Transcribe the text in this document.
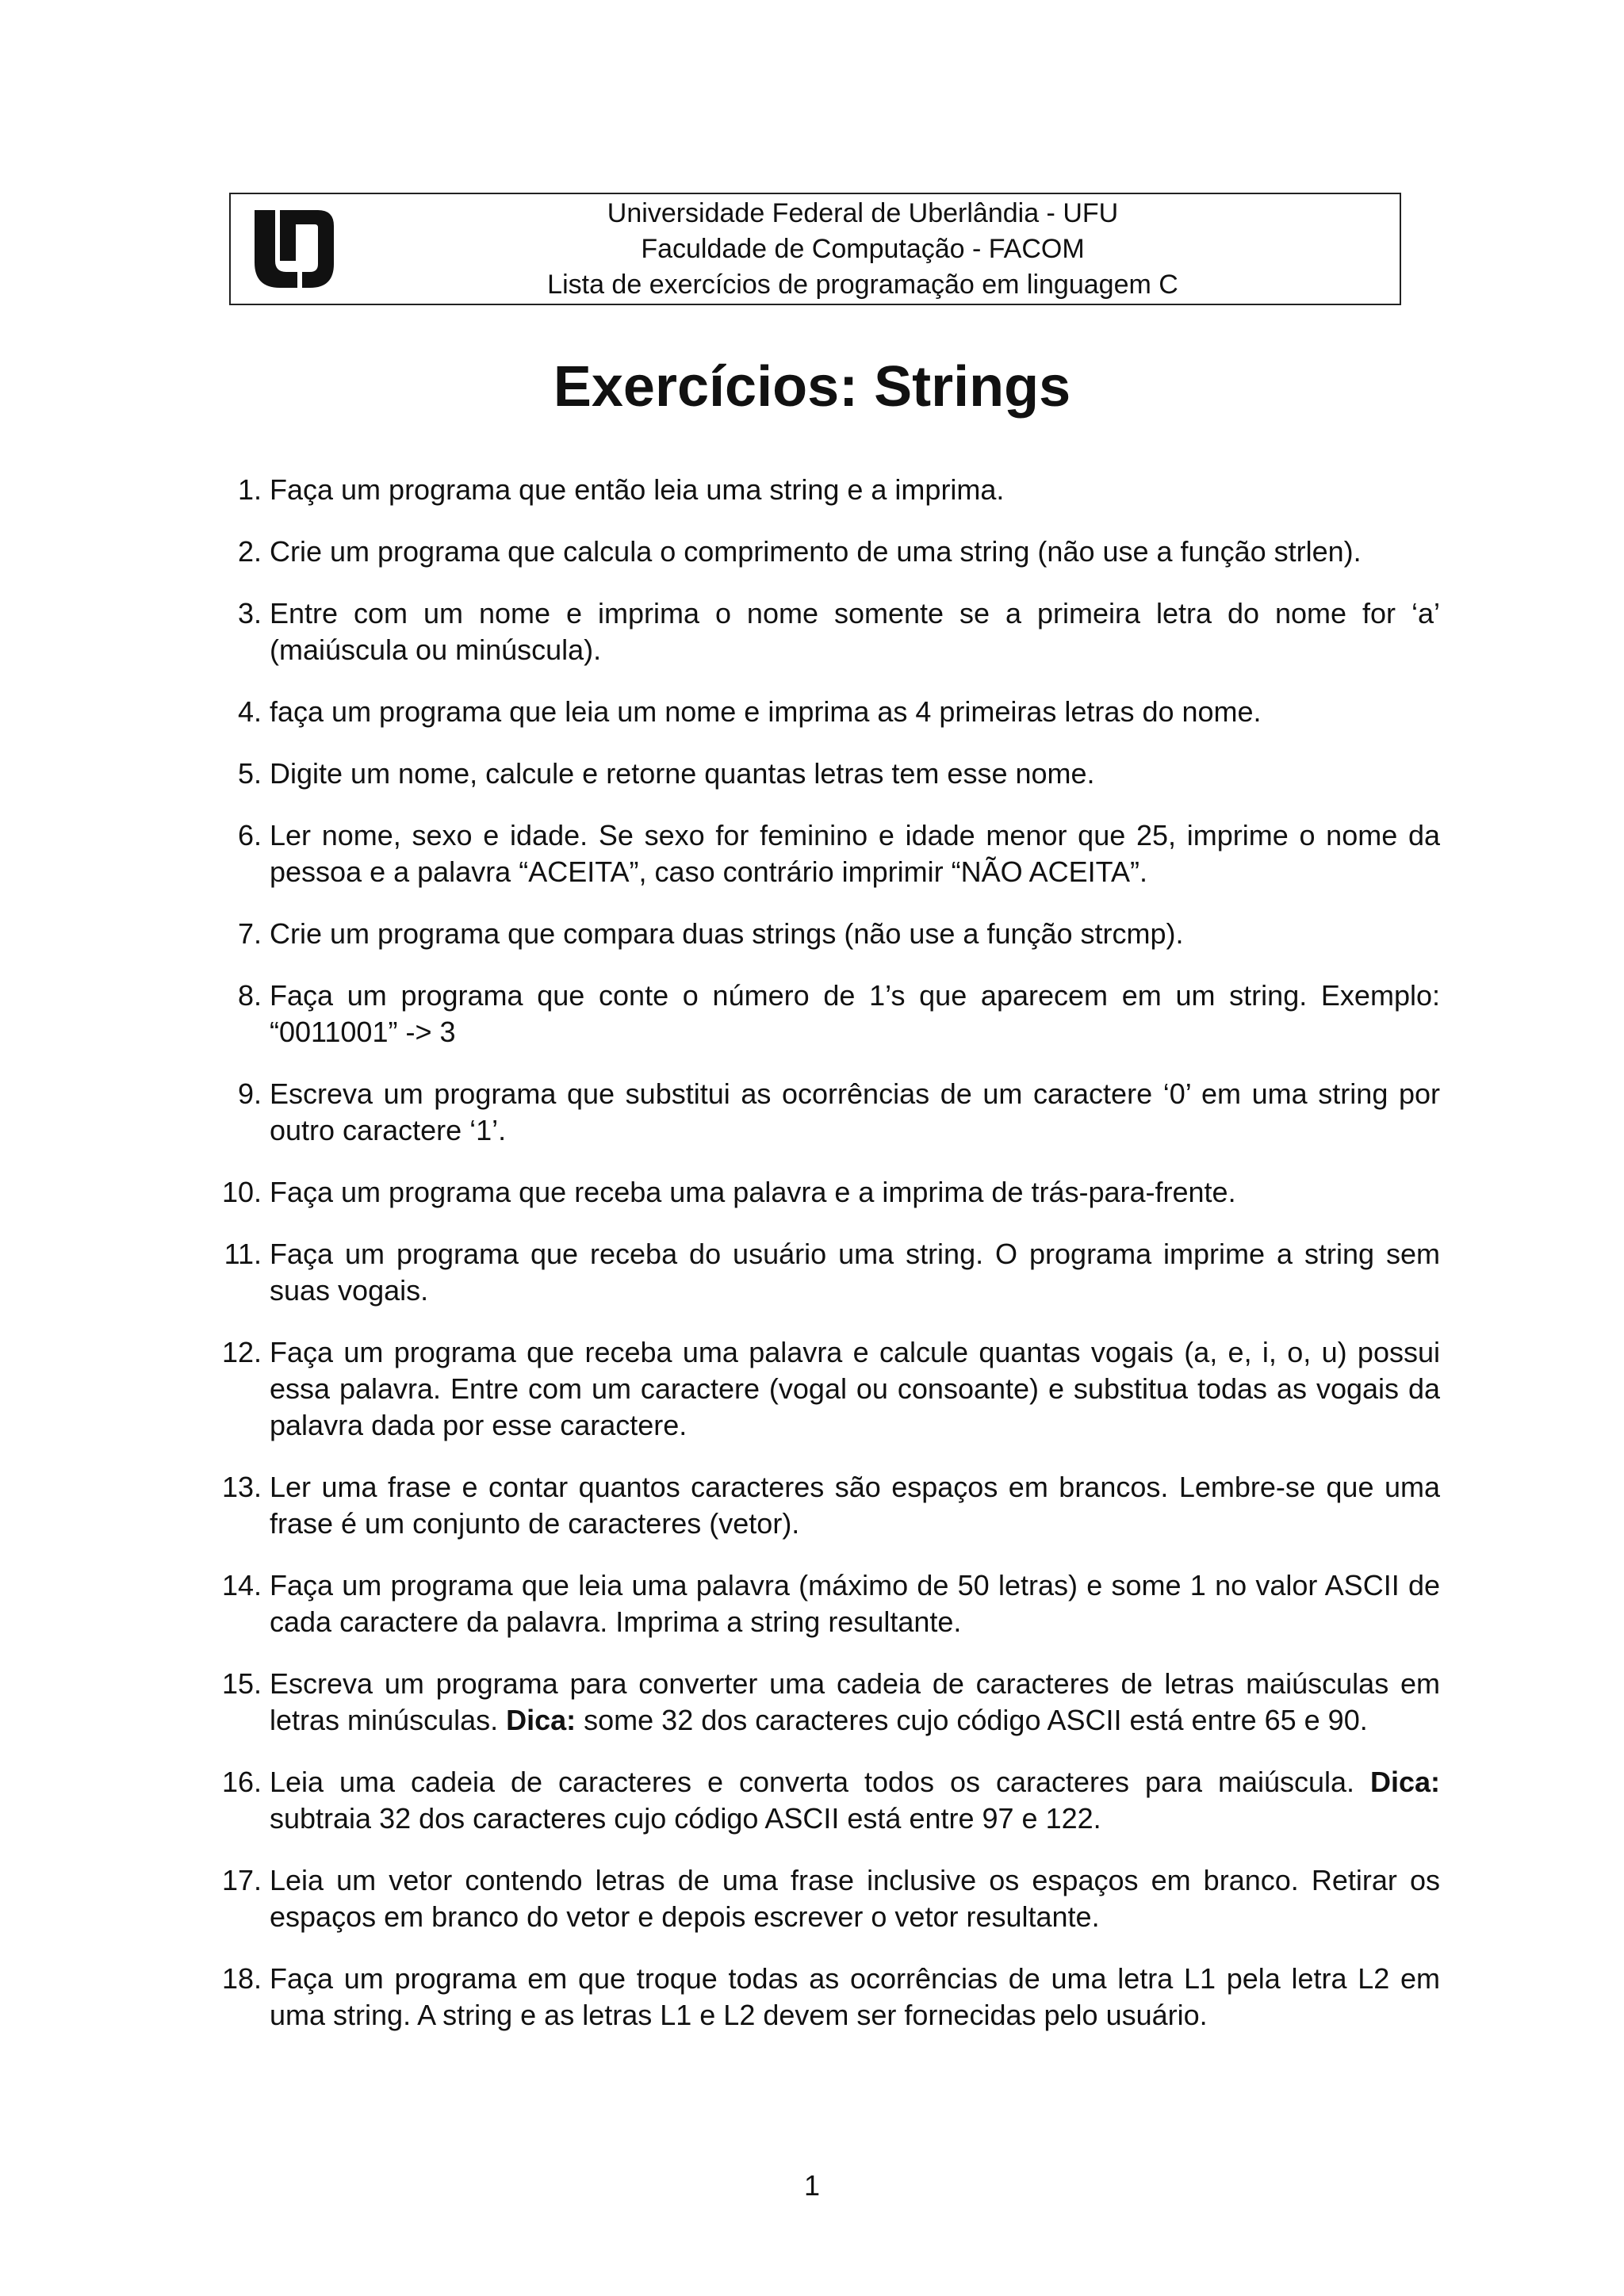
Universidade Federal de Uberlândia - UFU
Faculdade de Computação - FACOM
Lista de exercícios de programação em linguagem C
Exercícios: Strings
1. Faça um programa que então leia uma string e a imprima.
2. Crie um programa que calcula o comprimento de uma string (não use a função strlen).
3. Entre com um nome e imprima o nome somente se a primeira letra do nome for ‘a’ (maiúscula ou minúscula).
4. faça um programa que leia um nome e imprima as 4 primeiras letras do nome.
5. Digite um nome, calcule e retorne quantas letras tem esse nome.
6. Ler nome, sexo e idade. Se sexo for feminino e idade menor que 25, imprime o nome da pessoa e a palavra “ACEITA”, caso contrário imprimir “NÃO ACEITA”.
7. Crie um programa que compara duas strings (não use a função strcmp).
8. Faça um programa que conte o número de 1’s que aparecem em um string. Exemplo: “0011001” -> 3
9. Escreva um programa que substitui as ocorrências de um caractere ‘0’ em uma string por outro caractere ‘1’.
10. Faça um programa que receba uma palavra e a imprima de trás-para-frente.
11. Faça um programa que receba do usuário uma string. O programa imprime a string sem suas vogais.
12. Faça um programa que receba uma palavra e calcule quantas vogais (a, e, i, o, u) possui essa palavra. Entre com um caractere (vogal ou consoante) e substitua todas as vogais da palavra dada por esse caractere.
13. Ler uma frase e contar quantos caracteres são espaços em brancos. Lembre-se que uma frase é um conjunto de caracteres (vetor).
14. Faça um programa que leia uma palavra (máximo de 50 letras) e some 1 no valor ASCII de cada caractere da palavra. Imprima a string resultante.
15. Escreva um programa para converter uma cadeia de caracteres de letras maiúsculas em letras minúsculas. Dica: some 32 dos caracteres cujo código ASCII está entre 65 e 90.
16. Leia uma cadeia de caracteres e converta todos os caracteres para maiúscula. Dica: subtraia 32 dos caracteres cujo código ASCII está entre 97 e 122.
17. Leia um vetor contendo letras de uma frase inclusive os espaços em branco. Retirar os espaços em branco do vetor e depois escrever o vetor resultante.
18. Faça um programa em que troque todas as ocorrências de uma letra L1 pela letra L2 em uma string. A string e as letras L1 e L2 devem ser fornecidas pelo usuário.
1
